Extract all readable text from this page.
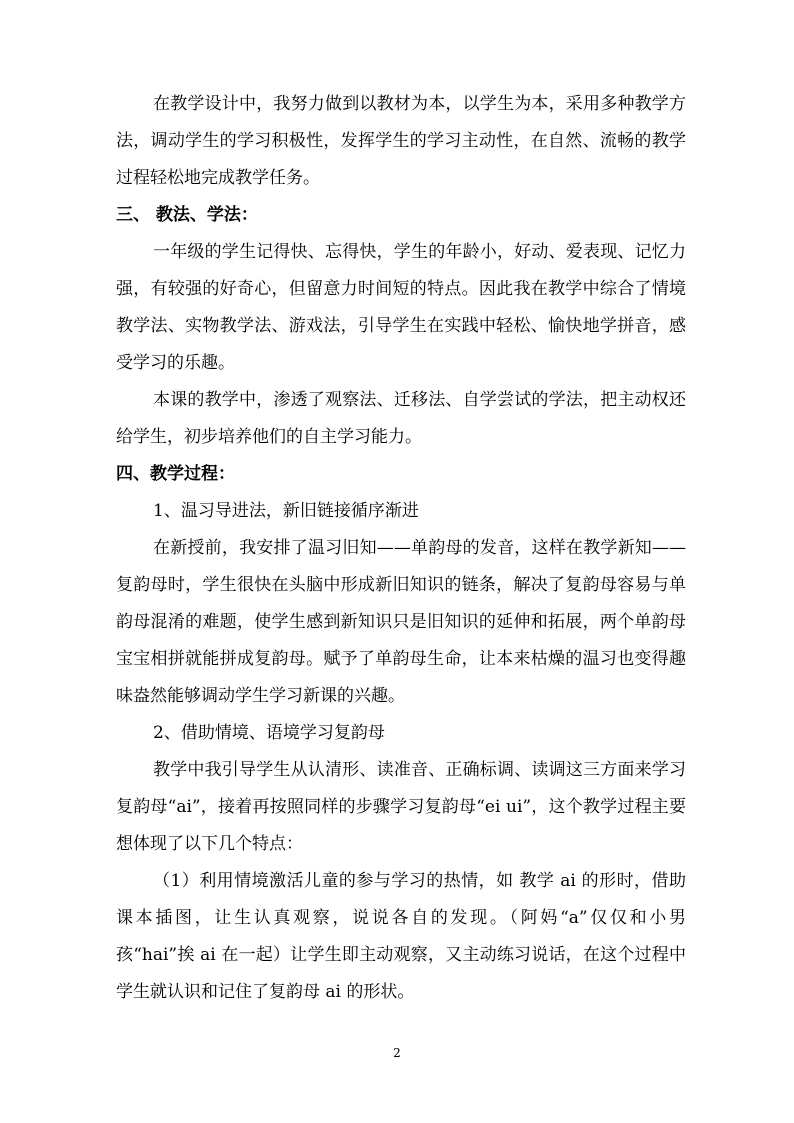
在教学设计中，我努力做到以教材为本，以学生为本，采用多种教学方法，调动学生的学习积极性，发挥学生的学习主动性，在自然、流畅的教学过程轻松地完成教学任务。

三、 教法、学法：

一年级的学生记得快、忘得快，学生的年龄小，好动、爱表现、记忆力强，有较强的好奇心，但留意力时间短的特点。因此我在教学中综合了情境教学法、实物教学法、游戏法，引导学生在实践中轻松、愉快地学拼音，感受学习的乐趣。

本课的教学中，渗透了观察法、迁移法、自学尝试的学法，把主动权还给学生，初步培养他们的自主学习能力。

四、教学过程：

1、温习导进法，新旧链接循序渐进

在新授前，我安排了温习旧知——单韵母的发音，这样在教学新知——复韵母时，学生很快在头脑中形成新旧知识的链条，解决了复韵母容易与单韵母混淆的难题，使学生感到新知识只是旧知识的延伸和拓展，两个单韵母宝宝相拼就能拼成复韵母。赋予了单韵母生命，让本来枯燥的温习也变得趣味盎然能够调动学生学习新课的兴趣。

2、借助情境、语境学习复韵母

教学中我引导学生从认清形、读准音、正确标调、读调这三方面来学习复韵母“ai”，接着再按照同样的步骤学习复韵母“ei ui”，这个教学过程主要想体现了以下几个特点：

（1）利用情境激活儿童的参与学习的热情，如 教学 ai 的形时，借助课本插图，让生认真观察，说说各自的发现。（阿妈“a”仅仅和小男孩“hai”挨 ai 在一起）让学生即主动观察，又主动练习说话，在这个过程中学生就认识和记住了复韵母 ai 的形状。

2
